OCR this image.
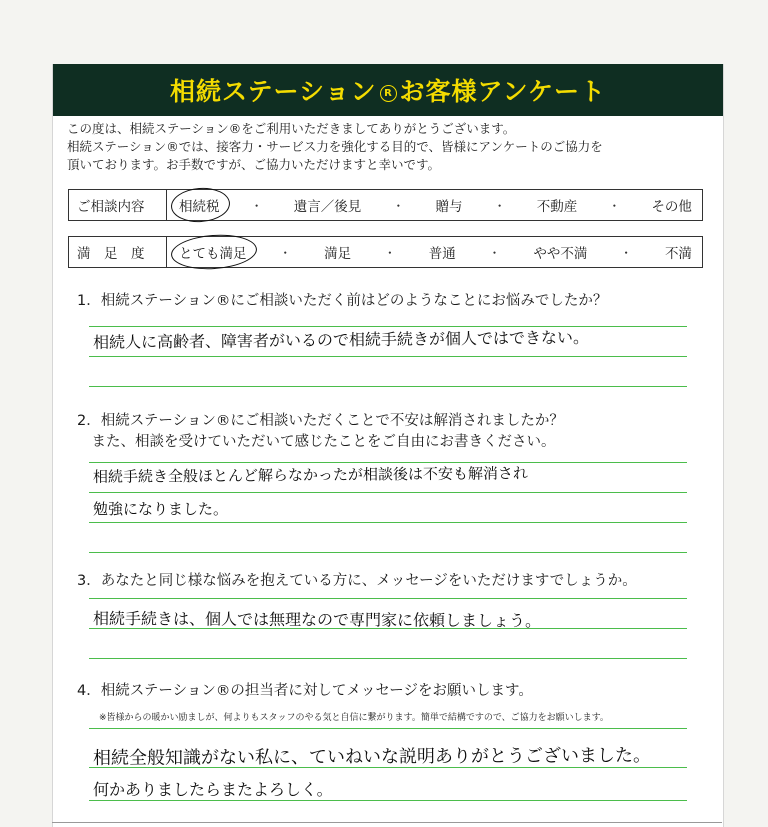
相続ステーション R お客様アンケート

この度は、相続ステーション®をご利用いただきましてありがとうございます。

相続ステーション®では、接客力・サービス力を強化する目的で、皆様にアンケートのご協力を

頂いております。お手数ですが、ご協力いただけますと幸いです。

ご相談内容	相続税	・ 遺言／後見	・ 贈与	・ 不動産	・ その他
満　足　度	とても満足	・ 満足	・ 普通	・ やや不満	・ 不満
1．相続ステーション®にご相談いただく前はどのようなことにお悩みでしたか？
相続人に高齢者、障害者がいるので相続手続きが個人ではできない。
2．相続ステーション®にご相談いただくことで不安は解消されましたか？
　また、相談を受けていただいて感じたことをご自由にお書きください。
相続手続き全般ほとんど解らなかったが相談後は不安も解消され
勉強になりました。
3．あなたと同じ様な悩みを抱えている方に、メッセージをいただけますでしょうか。
相続手続きは、個人では無理なので専門家に依頼しましょう。
4．相続ステーション®の担当者に対してメッセージをお願いします。
※皆様からの暖かい励ましが、何よりもスタッフのやる気と自信に繋がります。簡単で結構ですので、ご協力をお願いします。
相続全般知識がない私に、ていねいな説明ありがとうございました。
何かありましたらまたよろしく。
